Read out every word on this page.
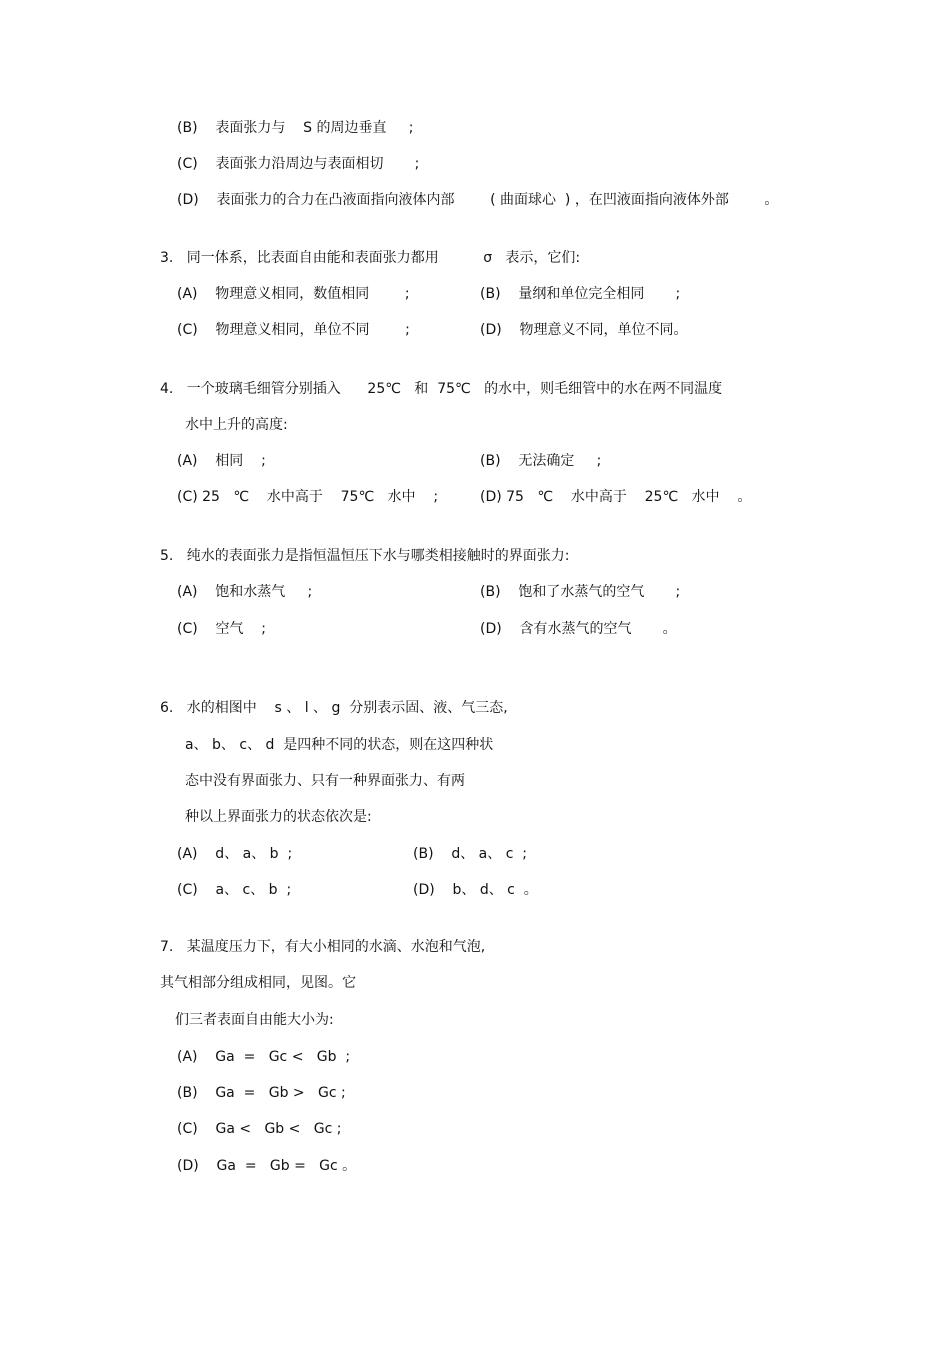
(B)    表面张力与    S 的周边垂直     ;
(C)    表面张力沿周边与表面相切       ;
(D)    表面张力的合力在凸液面指向液体内部        ( 曲面球心  ) ，在凹液面指向液体外部        。
3.   同一体系，比表面自由能和表面张力都用          σ   表示，它们:
(A)    物理意义相同，数值相同        ;	(B)    量纲和单位完全相同       ;
(C)    物理意义相同，单位不同        ;	(D)    物理意义不同，单位不同。
4.   一个玻璃毛细管分别插入      25℃   和  75℃   的水中，则毛细管中的水在两不同温度
水中上升的高度:
(A)    相同    ;	(B)    无法确定     ;
(C) 25   ℃    水中高于    75℃   水中    ;	(D) 75   ℃    水中高于    25℃   水中    。
5.   纯水的表面张力是指恒温恒压下水与哪类相接触时的界面张力:
(A)    饱和水蒸气     ;	(B)    饱和了水蒸气的空气       ;
(C)    空气    ;	(D)    含有水蒸气的空气       。
6.   水的相图中    s 、 l 、 g  分别表示固、液、气三态,
a、 b、 c、 d  是四种不同的状态，则在这四种状
态中没有界面张力、只有一种界面张力、有两
种以上界面张力的状态依次是:
(A)    d、 a、 b  ;	(B)    d、 a、 c  ;
(C)    a、 c、 b  ;	(D)    b、 d、 c  。
7.   某温度压力下，有大小相同的水滴、水泡和气泡,
其气相部分组成相同，见图。它
们三者表面自由能大小为:
(A)    Ga  =   Gc <   Gb  ;
(B)    Ga  =   Gb >   Gc ;
(C)    Ga <   Gb <   Gc ;
(D)    Ga  =   Gb =   Gc 。
